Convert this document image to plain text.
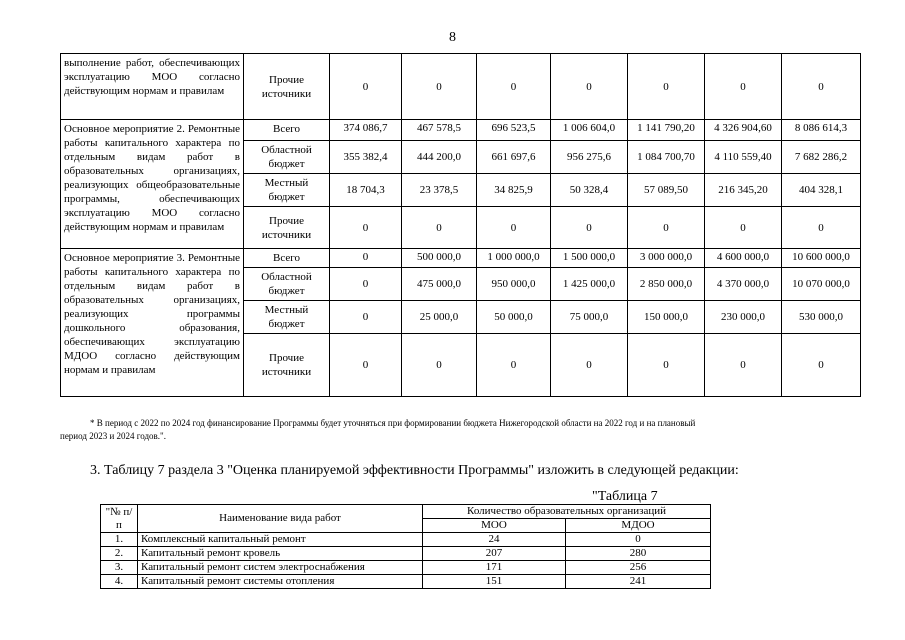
8
выполнение работ, обеспечивающих эксплуатацию МОО согласно действующим нормам и правилам	Прочие источники	0	0	0	0	0	0	0
Основное мероприятие 2. Ремонтные работы капитального характера по отдельным видам работ в образовательных организациях, реализующих общеобразовательные программы, обеспечивающих эксплуатацию МОО согласно действующим нормам и правилам	Всего	374 086,7	467 578,5	696 523,5	1 006 604,0	1 141 790,20	4 326 904,60	8 086 614,3
	Областной бюджет	355 382,4	444 200,0	661 697,6	956 275,6	1 084 700,70	4 110 559,40	7 682 286,2
	Местный бюджет	18 704,3	23 378,5	34 825,9	50 328,4	57 089,50	216 345,20	404 328,1
	Прочие источники	0	0	0	0	0	0	0
Основное мероприятие 3. Ремонтные работы капитального характера по отдельным видам работ в образовательных организациях, реализующих программы дошкольного образования, обеспечивающих эксплуатацию МДОО согласно действующим нормам и правилам	Всего	0	500 000,0	1 000 000,0	1 500 000,0	3 000 000,0	4 600 000,0	10 600 000,0
	Областной бюджет	0	475 000,0	950 000,0	1 425 000,0	2 850 000,0	4 370 000,0	10 070 000,0
	Местный бюджет	0	25 000,0	50 000,0	75 000,0	150 000,0	230 000,0	530 000,0
	Прочие источники	0	0	0	0	0	0	0
* В период с 2022 по 2024 год финансирование Программы будет уточняться при формировании бюджета Нижегородской области на 2022 год и на плановый
период 2023 и 2024 годов.".
3. Таблицу 7 раздела 3 "Оценка планируемой эффективности Программы" изложить в следующей редакции:
"Таблица 7
"№ п/п	Наименование вида работ	Количество образовательных организаций	
		МОО	МДОО
1.	Комплексный капитальный ремонт	24	0
2.	Капитальный ремонт кровель	207	280
3.	Капитальный ремонт систем электроснабжения	171	256
4.	Капитальный ремонт системы отопления	151	241
